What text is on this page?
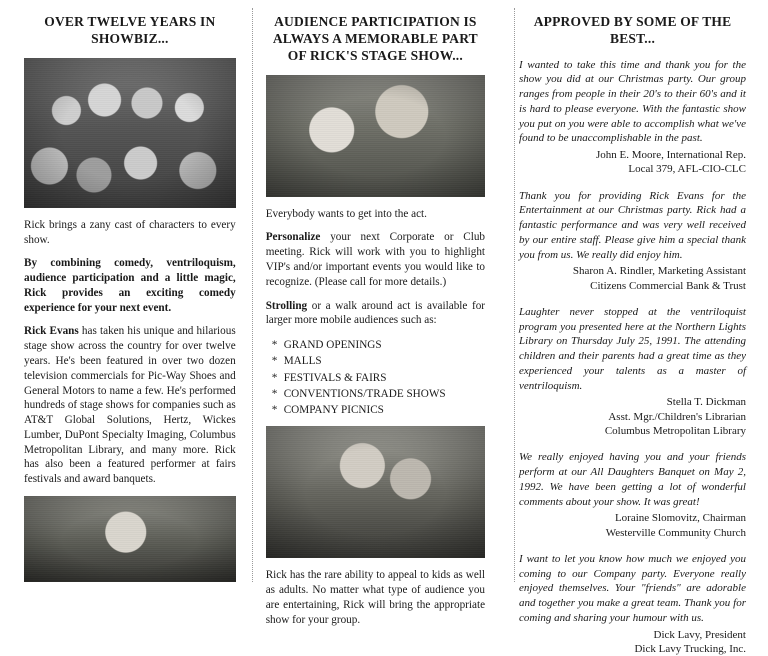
OVER TWELVE YEARS IN SHOWBIZ...

Rick brings a zany cast of characters to every show.

By combining comedy, ventriloquism, audience participation and a little magic, Rick provides an exciting comedy experience for your next event.

Rick Evans has taken his unique and hilarious stage show across the country for over twelve years. He's been featured in over two dozen television commercials for Pic-Way Shoes and General Motors to name a few. He's performed hundreds of stage shows for companies such as AT&T Global Solutions, Hertz, Wickes Lumber, DuPont Specialty Imaging, Columbus Metropolitan Library, and many more. Rick has also been a featured performer at fairs festivals and award banquets.

AUDIENCE PARTICIPATION IS ALWAYS A MEMORABLE PART OF RICK'S STAGE SHOW...

Everybody wants to get into the act.

Personalize your next Corporate or Club meeting. Rick will work with you to highlight VIP's and/or important events you would like to recognize. (Please call for more details.)

Strolling or a walk around act is available for larger more mobile audiences such as:

* GRAND OPENINGS
* MALLS
* FESTIVALS & FAIRS
* CONVENTIONS/TRADE SHOWS
* COMPANY PICNICS

Rick has the rare ability to appeal to kids as well as adults. No matter what type of audience you are entertaining, Rick will bring the appropriate show for your group.

APPROVED BY SOME OF THE BEST...

I wanted to take this time and thank you for the show you did at our Christmas party. Our group ranges from people in their 20's to their 60's and it is hard to please everyone. With the fantastic show you put on you were able to accomplish what we've found to be unaccomplishable in the past.

John E. Moore, International Rep.
Local 379, AFL-CIO-CLC

Thank you for providing Rick Evans for the Entertainment at our Christmas party. Rick had a fantastic performance and was very well received by our entire staff. Please give him a special thank you from us. We really did enjoy him.

Sharon A. Rindler, Marketing Assistant
Citizens Commercial Bank & Trust

Laughter never stopped at the ventriloquist program you presented here at the Northern Lights Library on Thursday July 25, 1991. The attending children and their parents had a great time as they experienced your talents as a master of ventriloquism.

Stella T. Dickman
Asst. Mgr./Children's Librarian
Columbus Metropolitan Library

We really enjoyed having you and your friends perform at our All Daughters Banquet on May 2, 1992. We have been getting a lot of wonderful comments about your show. It was great!

Loraine Slomovitz, Chairman
Westerville Community Church

I want to let you know how much we enjoyed you coming to our Company party. Everyone really enjoyed themselves. Your "friends" are adorable and together you make a great team. Thank you for coming and sharing your humour with us.

Dick Lavy, President
Dick Lavy Trucking, Inc.
